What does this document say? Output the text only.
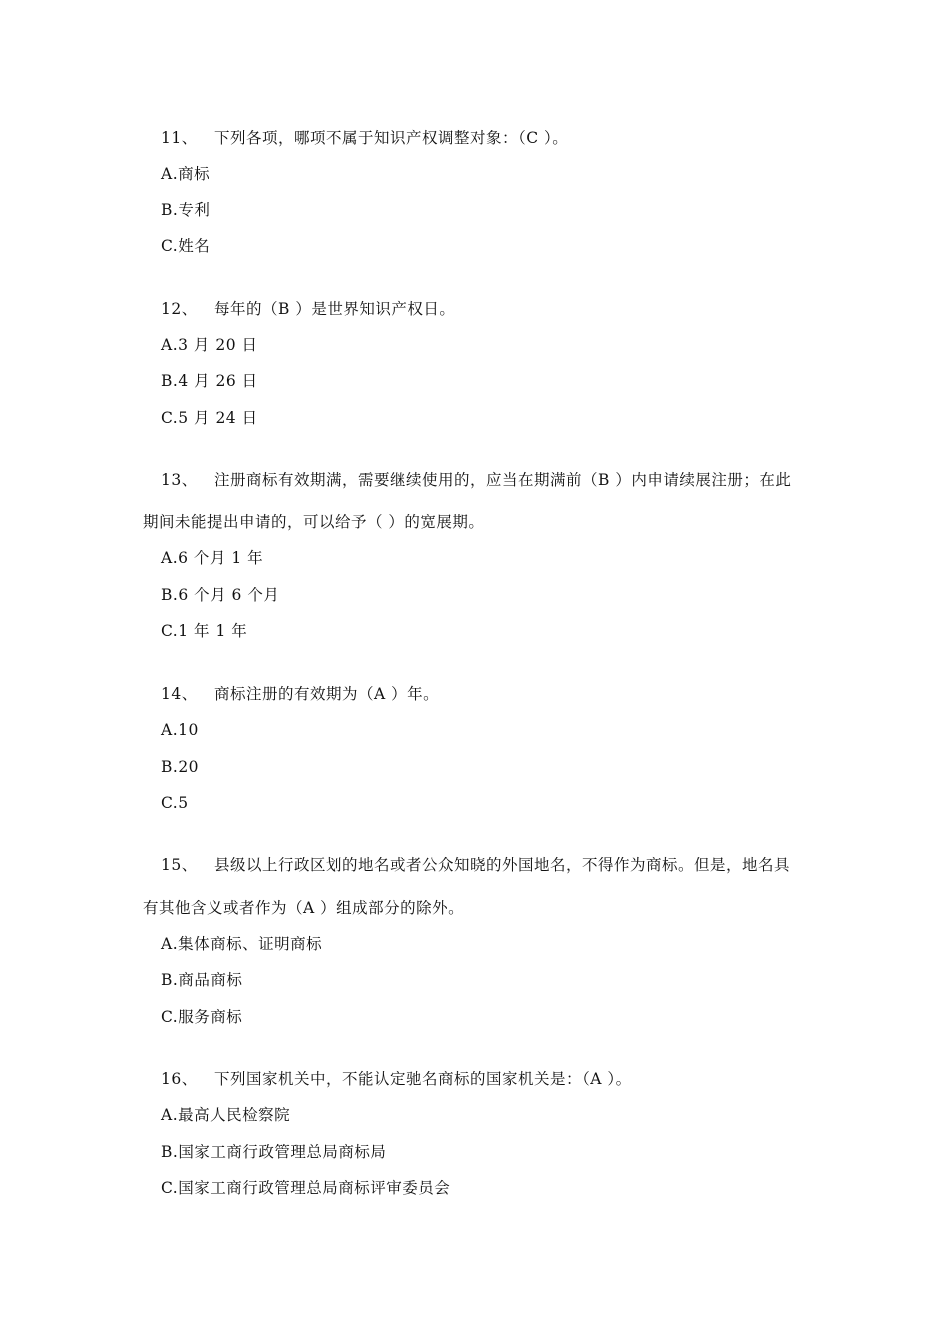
11、 下列各项，哪项不属于知识产权调整对象：（C ）。
A.商标
B.专利
C.姓名
12、 每年的（B ）是世界知识产权日。
A.3 月 20 日
B.4 月 26 日
C.5 月 24 日
13、 注册商标有效期满，需要继续使用的，应当在期满前（B ）内申请续展注册；在此
期间未能提出申请的，可以给予（ ）的宽展期。
A.6 个月 1 年
B.6 个月 6 个月
C.1 年 1 年
14、 商标注册的有效期为（A ）年。
A.10
B.20
C.5
15、 县级以上行政区划的地名或者公众知晓的外国地名，不得作为商标。但是，地名具
有其他含义或者作为（A ）组成部分的除外。
A.集体商标、证明商标
B.商品商标
C.服务商标
16、 下列国家机关中，不能认定驰名商标的国家机关是：（A ）。
A.最高人民检察院
B.国家工商行政管理总局商标局
C.国家工商行政管理总局商标评审委员会
